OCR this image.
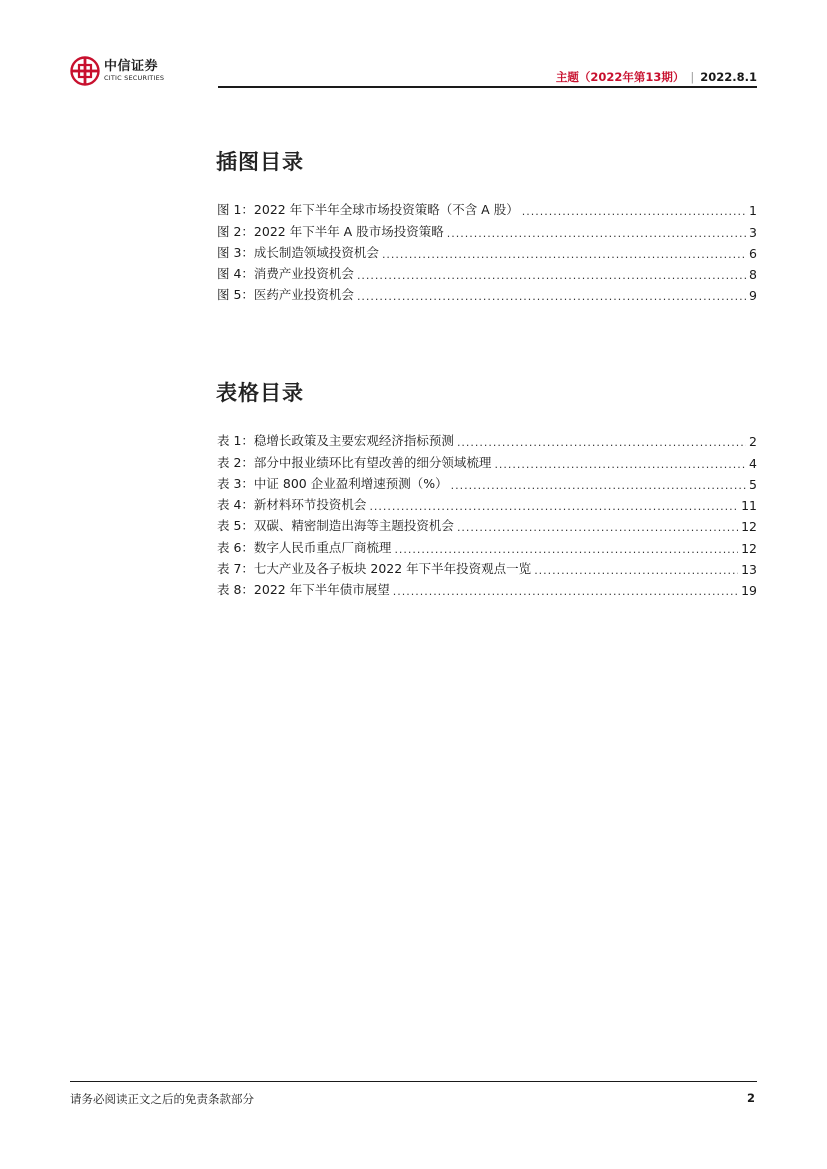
中信证券
CITIC SECURITIES	主题（2022年第13期） | 2022.8.1
插图目录
图 1：2022 年下半年全球市场投资策略（不含 A 股） .....	1
图 2：2022 年下半年 A 股市场投资策略 .....	3
图 3：成长制造领域投资机会 .....	6
图 4：消费产业投资机会 .....	8
图 5：医药产业投资机会 .....	9
表格目录
表 1：稳增长政策及主要宏观经济指标预测 .....	2
表 2：部分中报业绩环比有望改善的细分领域梳理 .....	4
表 3：中证 800 企业盈利增速预测（%） .....	5
表 4：新材料环节投资机会 .....	11
表 5：双碳、精密制造出海等主题投资机会 .....	12
表 6：数字人民币重点厂商梳理 .....	12
表 7：七大产业及各子板块 2022 年下半年投资观点一览 .....	13
表 8：2022 年下半年债市展望 .....	19
请务必阅读正文之后的免责条款部分	2
